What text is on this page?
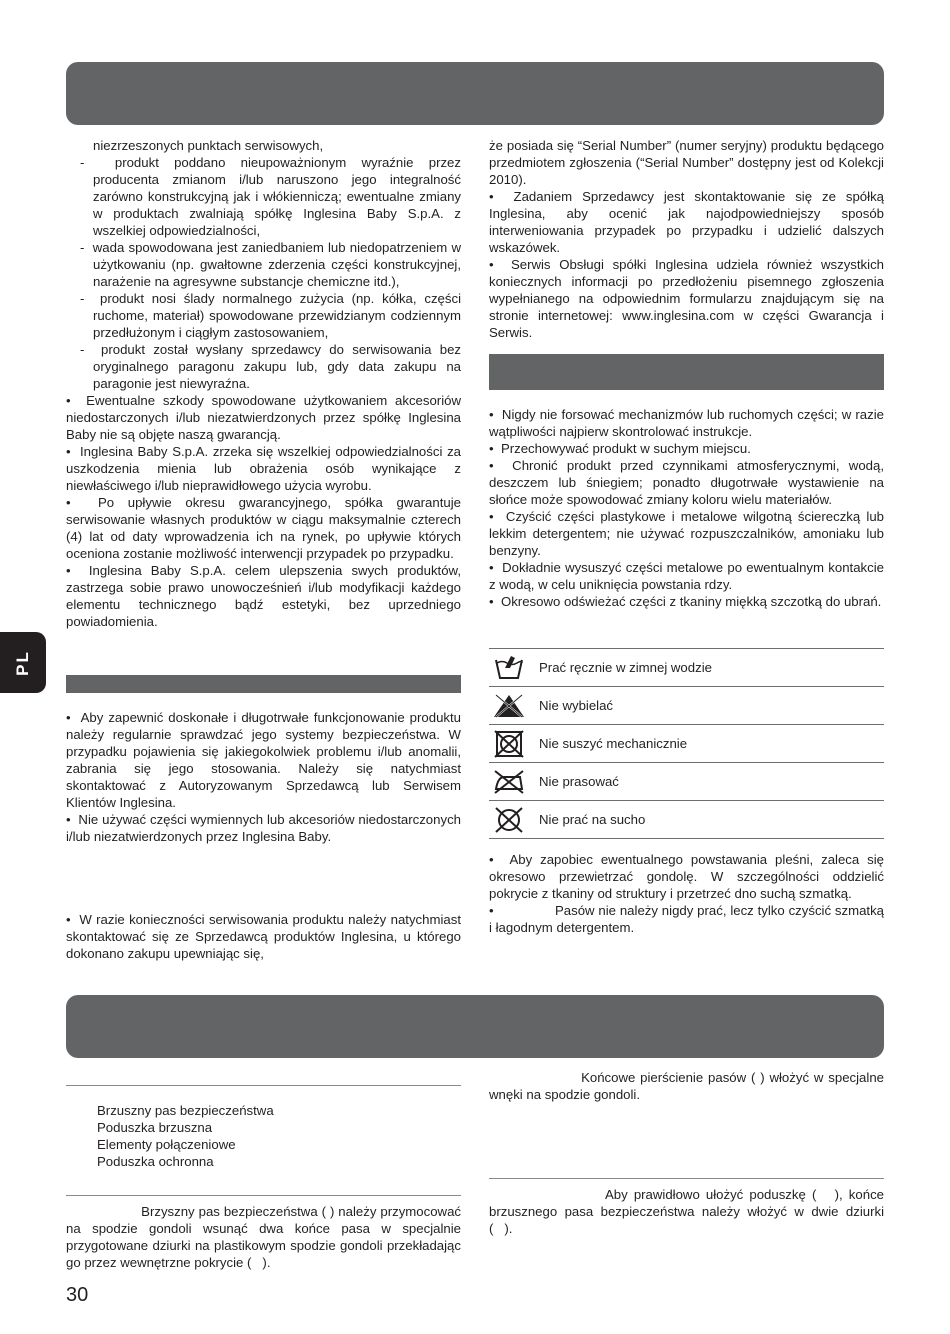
PL

niezrzeszonych punktach serwisowych,

-  produkt poddano nieupoważnionym wyraźnie przez producenta zmianom i/lub naruszono jego integralność zarówno konstrukcyjną jak i włókienniczą; ewentualne zmiany w produktach zwalniają spółkę Inglesina Baby S.p.A. z wszelkiej odpowiedzialności,

-  wada spowodowana jest zaniedbaniem lub niedopatrzeniem w użytkowaniu (np. gwałtowne zderzenia części konstrukcyjnej, narażenie na agresywne substancje chemiczne itd.),

-  produkt nosi ślady normalnego zużycia (np. kółka, części ruchome, materiał) spowodowane przewidzianym codziennym przedłużonym i ciągłym zastosowaniem,

-  produkt został wysłany sprzedawcy do serwisowania bez oryginalnego paragonu zakupu lub, gdy data zakupu na paragonie jest niewyraźna.

•  Ewentualne szkody spowodowane użytkowaniem akcesoriów niedostarczonych i/lub niezatwierdzonych przez spółkę Inglesina Baby nie są objęte naszą gwarancją.

•  Inglesina Baby S.p.A. zrzeka się wszelkiej odpowiedzialności za uszkodzenia mienia lub obrażenia osób wynikające z niewłaściwego i/lub nieprawidłowego użycia wyrobu.

•  Po upływie okresu gwarancyjnego, spółka gwarantuje serwisowanie własnych produktów w ciągu maksymalnie czterech (4) lat od daty wprowadzenia ich na rynek, po upływie których oceniona zostanie możliwość interwencji przypadek po przypadku.

•  Inglesina Baby S.p.A. celem ulepszenia swych produktów, zastrzega sobie prawo unowocześnień i/lub modyfikacji każdego elementu technicznego bądź estetyki, bez uprzedniego powiadomienia.

•  Aby zapewnić doskonałe i długotrwałe funkcjonowanie produktu należy regularnie sprawdzać jego systemy bezpieczeństwa. W przypadku pojawienia się jakiegokolwiek problemu i/lub anomalii, zabrania się jego stosowania. Należy się natychmiast skontaktować z Autoryzowanym Sprzedawcą lub Serwisem Klientów Inglesina.

•  Nie używać części wymiennych lub akcesoriów niedostarczonych i/lub niezatwierdzonych przez Inglesina Baby.

•  W razie konieczności serwisowania produktu należy natychmiast skontaktować się ze Sprzedawcą produktów Inglesina, u którego dokonano zakupu upewniając się,

że posiada się “Serial Number” (numer seryjny) produktu będącego przedmiotem zgłoszenia (“Serial Number” dostępny jest od Kolekcji 2010).

•  Zadaniem Sprzedawcy jest skontaktowanie się ze spółką Inglesina, aby ocenić jak najodpowiedniejszy sposób interweniowania przypadek po przypadku i udzielić dalszych wskazówek.

•  Serwis Obsługi spółki Inglesina udziela również wszystkich koniecznych informacji po przedłożeniu pisemnego zgłoszenia wypełnianego na odpowiednim formularzu znajdującym się na stronie internetowej: www.inglesina.com w części Gwarancja i Serwis.

•  Nigdy nie forsować mechanizmów lub ruchomych części; w razie wątpliwości najpierw skontrolować instrukcje.

•  Przechowywać produkt w suchym miejscu.

•  Chronić produkt przed czynnikami atmosferycznymi, wodą, deszczem lub śniegiem; ponadto długotrwałe wystawienie na słońce może spowodować zmiany koloru wielu materiałów.

•  Czyścić części plastykowe i metalowe wilgotną ściereczką lub lekkim detergentem; nie używać rozpuszczalników, amoniaku lub benzyny.

•  Dokładnie wysuszyć części metalowe po ewentualnym kontakcie z wodą, w celu uniknięcia powstania rdzy.

•  Okresowo odświeżać części z tkaniny miękką szczotką do ubrań.

Prać ręcznie w zimnej wodzie
Nie wybielać
Nie suszyć mechanicznie
Nie prasować
Nie prać na sucho

•  Aby zapobiec ewentualnego powstawania pleśni, zaleca się okresowo przewietrzać gondolę. W szczególności oddzielić pokrycie z tkaniny od struktury i przetrzeć dno suchą szmatką.

•                Pasów nie należy nigdy prać, lecz tylko czyścić szmatką i łagodnym detergentem.

Brzuszny pas bezpieczeństwa
Poduszka brzuszna
Elementy połączeniowe
Poduszka ochronna

Brzyszny pas bezpieczeństwa ( ) należy przymocować na spodzie gondoli wsunąć dwa końce pasa w specjalnie przygotowane dziurki na plastikowym spodzie gondoli przekładając go przez wewnętrzne pokrycie (   ).

Końcowe pierścienie pasów ( ) włożyć w specjalne wnęki na spodzie gondoli.

Aby prawidłowo ułożyć poduszkę (   ), końce brzusznego pasa bezpieczeństwa należy włożyć w dwie dziurki (   ).

30
